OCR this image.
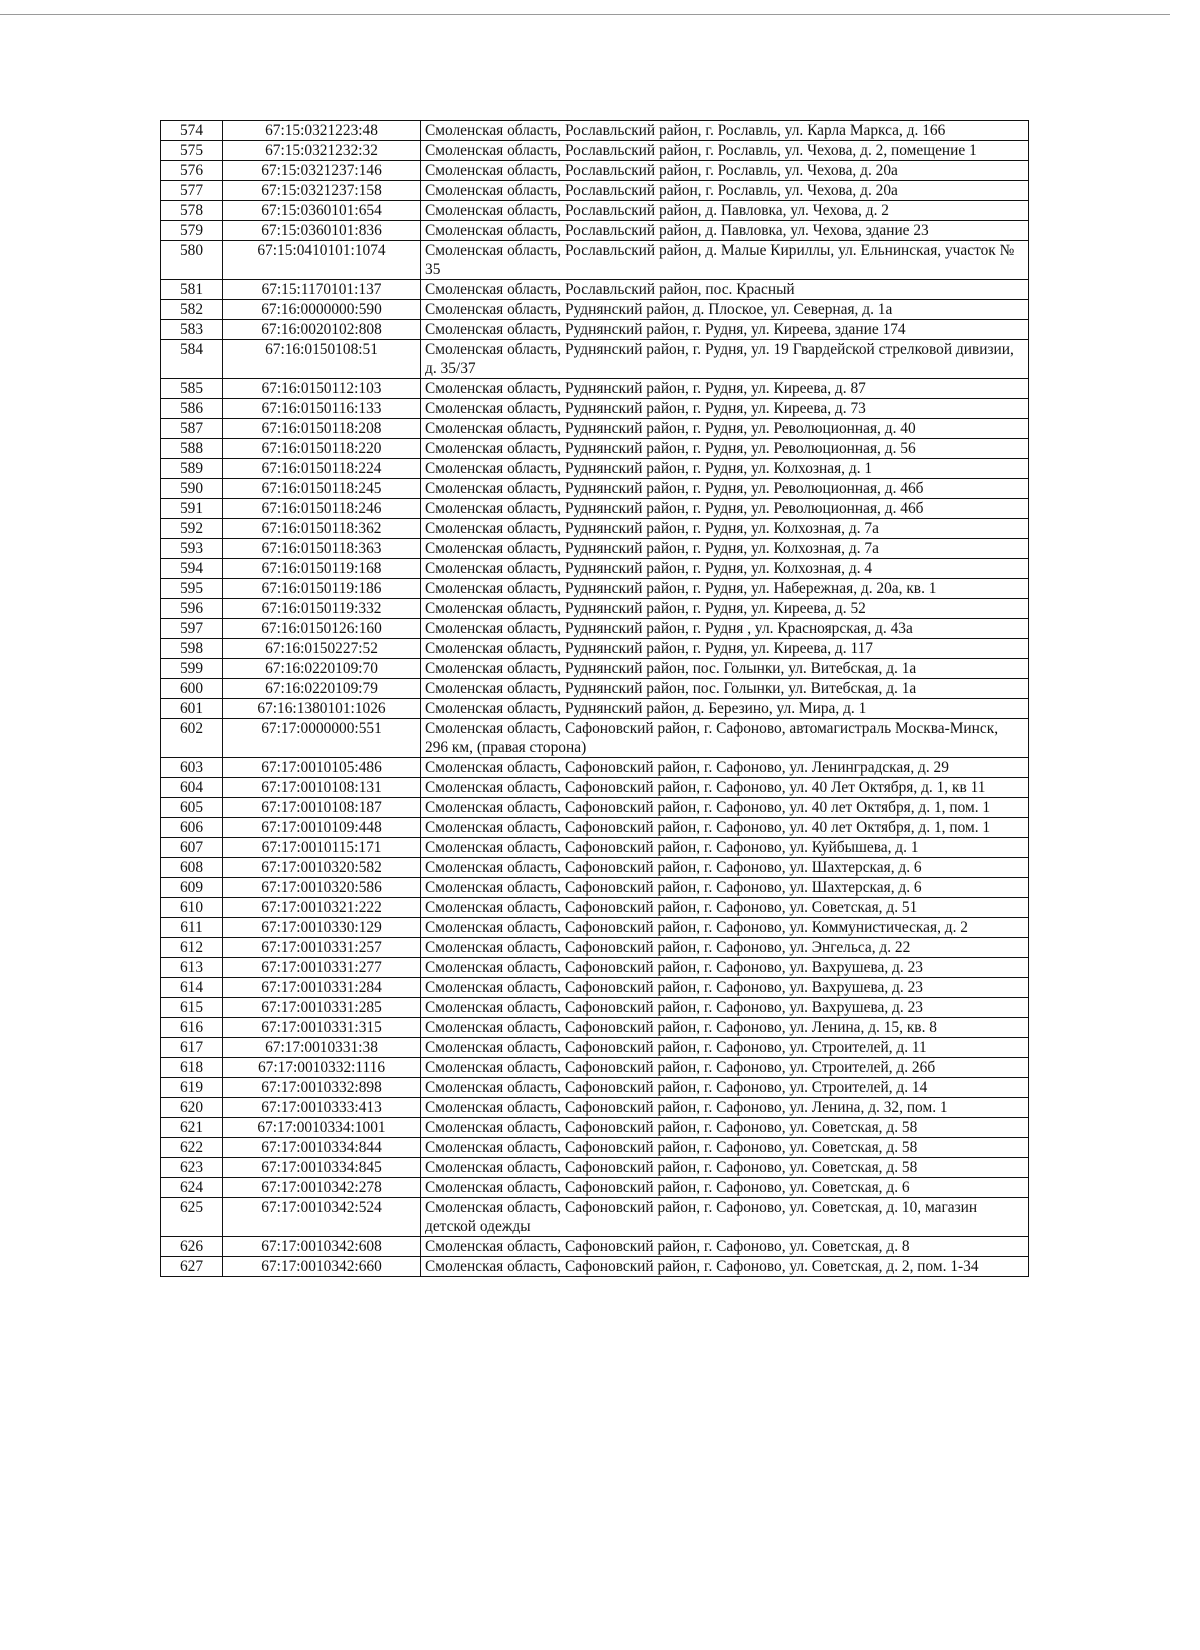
574	67:15:0321223:48	Смоленская область, Рославльский район, г. Рославль, ул. Карла Маркса, д. 166
575	67:15:0321232:32	Смоленская область, Рославльский район, г. Рославль, ул. Чехова, д. 2, помещение 1
576	67:15:0321237:146	Смоленская область, Рославльский район, г. Рославль, ул. Чехова, д. 20а
577	67:15:0321237:158	Смоленская область, Рославльский район, г. Рославль, ул. Чехова, д. 20а
578	67:15:0360101:654	Смоленская область, Рославльский район, д. Павловка, ул. Чехова, д. 2
579	67:15:0360101:836	Смоленская область, Рославльский район, д. Павловка, ул. Чехова, здание 23
580	67:15:0410101:1074	Смоленская область, Рославльский район, д. Малые Кириллы, ул. Ельнинская, участок № 35
581	67:15:1170101:137	Смоленская область, Рославльский район, пос. Красный
582	67:16:0000000:590	Смоленская область, Руднянский район, д. Плоское, ул. Северная, д. 1а
583	67:16:0020102:808	Смоленская область, Руднянский район, г. Рудня, ул. Киреева, здание 174
584	67:16:0150108:51	Смоленская область, Руднянский район, г. Рудня, ул. 19 Гвардейской стрелковой дивизии, д. 35/37
585	67:16:0150112:103	Смоленская область, Руднянский район, г. Рудня, ул. Киреева, д. 87
586	67:16:0150116:133	Смоленская область, Руднянский район, г. Рудня, ул. Киреева, д. 73
587	67:16:0150118:208	Смоленская область, Руднянский район, г. Рудня, ул. Революционная, д. 40
588	67:16:0150118:220	Смоленская область, Руднянский район, г. Рудня, ул. Революционная, д. 56
589	67:16:0150118:224	Смоленская область, Руднянский район, г. Рудня, ул. Колхозная, д. 1
590	67:16:0150118:245	Смоленская область, Руднянский район, г. Рудня, ул. Революционная, д. 46б
591	67:16:0150118:246	Смоленская область, Руднянский район, г. Рудня, ул. Революционная, д. 46б
592	67:16:0150118:362	Смоленская область, Руднянский район, г. Рудня, ул. Колхозная, д. 7а
593	67:16:0150118:363	Смоленская область, Руднянский район, г. Рудня, ул. Колхозная, д. 7а
594	67:16:0150119:168	Смоленская область, Руднянский район, г. Рудня, ул. Колхозная, д. 4
595	67:16:0150119:186	Смоленская область, Руднянский район, г. Рудня, ул. Набережная, д. 20а, кв. 1
596	67:16:0150119:332	Смоленская область, Руднянский район, г. Рудня, ул. Киреева, д. 52
597	67:16:0150126:160	Смоленская область, Руднянский район, г. Рудня , ул. Красноярская, д. 43а
598	67:16:0150227:52	Смоленская область, Руднянский район, г. Рудня, ул. Киреева, д. 117
599	67:16:0220109:70	Смоленская область, Руднянский район, пос. Голынки, ул. Витебская, д. 1а
600	67:16:0220109:79	Смоленская область, Руднянский район, пос. Голынки, ул. Витебская, д. 1а
601	67:16:1380101:1026	Смоленская область, Руднянский район, д. Березино, ул. Мира, д. 1
602	67:17:0000000:551	Смоленская область, Сафоновский район, г. Сафоново, автомагистраль Москва-Минск, 296 км, (правая сторона)
603	67:17:0010105:486	Смоленская область, Сафоновский район, г. Сафоново, ул. Ленинградская, д. 29
604	67:17:0010108:131	Смоленская область, Сафоновский район, г. Сафоново, ул. 40 Лет Октября, д. 1, кв 11
605	67:17:0010108:187	Смоленская область, Сафоновский район, г. Сафоново, ул. 40 лет Октября, д. 1, пом. 1
606	67:17:0010109:448	Смоленская область, Сафоновский район, г. Сафоново, ул. 40 лет Октября, д. 1, пом. 1
607	67:17:0010115:171	Смоленская область, Сафоновский район, г. Сафоново, ул. Куйбышева, д. 1
608	67:17:0010320:582	Смоленская область, Сафоновский район, г. Сафоново, ул. Шахтерская, д. 6
609	67:17:0010320:586	Смоленская область, Сафоновский район, г. Сафоново, ул. Шахтерская, д. 6
610	67:17:0010321:222	Смоленская область, Сафоновский район, г. Сафоново, ул. Советская, д. 51
611	67:17:0010330:129	Смоленская область, Сафоновский район, г. Сафоново, ул. Коммунистическая, д. 2
612	67:17:0010331:257	Смоленская область, Сафоновский район, г. Сафоново, ул. Энгельса, д. 22
613	67:17:0010331:277	Смоленская область, Сафоновский район, г. Сафоново, ул. Вахрушева, д. 23
614	67:17:0010331:284	Смоленская область, Сафоновский район, г. Сафоново, ул. Вахрушева, д. 23
615	67:17:0010331:285	Смоленская область, Сафоновский район, г. Сафоново, ул. Вахрушева, д. 23
616	67:17:0010331:315	Смоленская область, Сафоновский район, г. Сафоново, ул. Ленина, д. 15, кв. 8
617	67:17:0010331:38	Смоленская область, Сафоновский район, г. Сафоново, ул. Строителей, д. 11
618	67:17:0010332:1116	Смоленская область, Сафоновский район, г. Сафоново, ул. Строителей, д. 26б
619	67:17:0010332:898	Смоленская область, Сафоновский район, г. Сафоново, ул. Строителей, д. 14
620	67:17:0010333:413	Смоленская область, Сафоновский район, г. Сафоново, ул. Ленина, д. 32, пом. 1
621	67:17:0010334:1001	Смоленская область, Сафоновский район, г. Сафоново, ул. Советская, д. 58
622	67:17:0010334:844	Смоленская область, Сафоновский район, г. Сафоново, ул. Советская, д. 58
623	67:17:0010334:845	Смоленская область, Сафоновский район, г. Сафоново, ул. Советская, д. 58
624	67:17:0010342:278	Смоленская область, Сафоновский район, г. Сафоново, ул. Советская, д. 6
625	67:17:0010342:524	Смоленская область, Сафоновский район, г. Сафоново, ул. Советская, д. 10, магазин детской одежды
626	67:17:0010342:608	Смоленская область, Сафоновский район, г. Сафоново, ул. Советская, д. 8
627	67:17:0010342:660	Смоленская область, Сафоновский район, г. Сафоново, ул. Советская, д. 2, пом. 1-34
